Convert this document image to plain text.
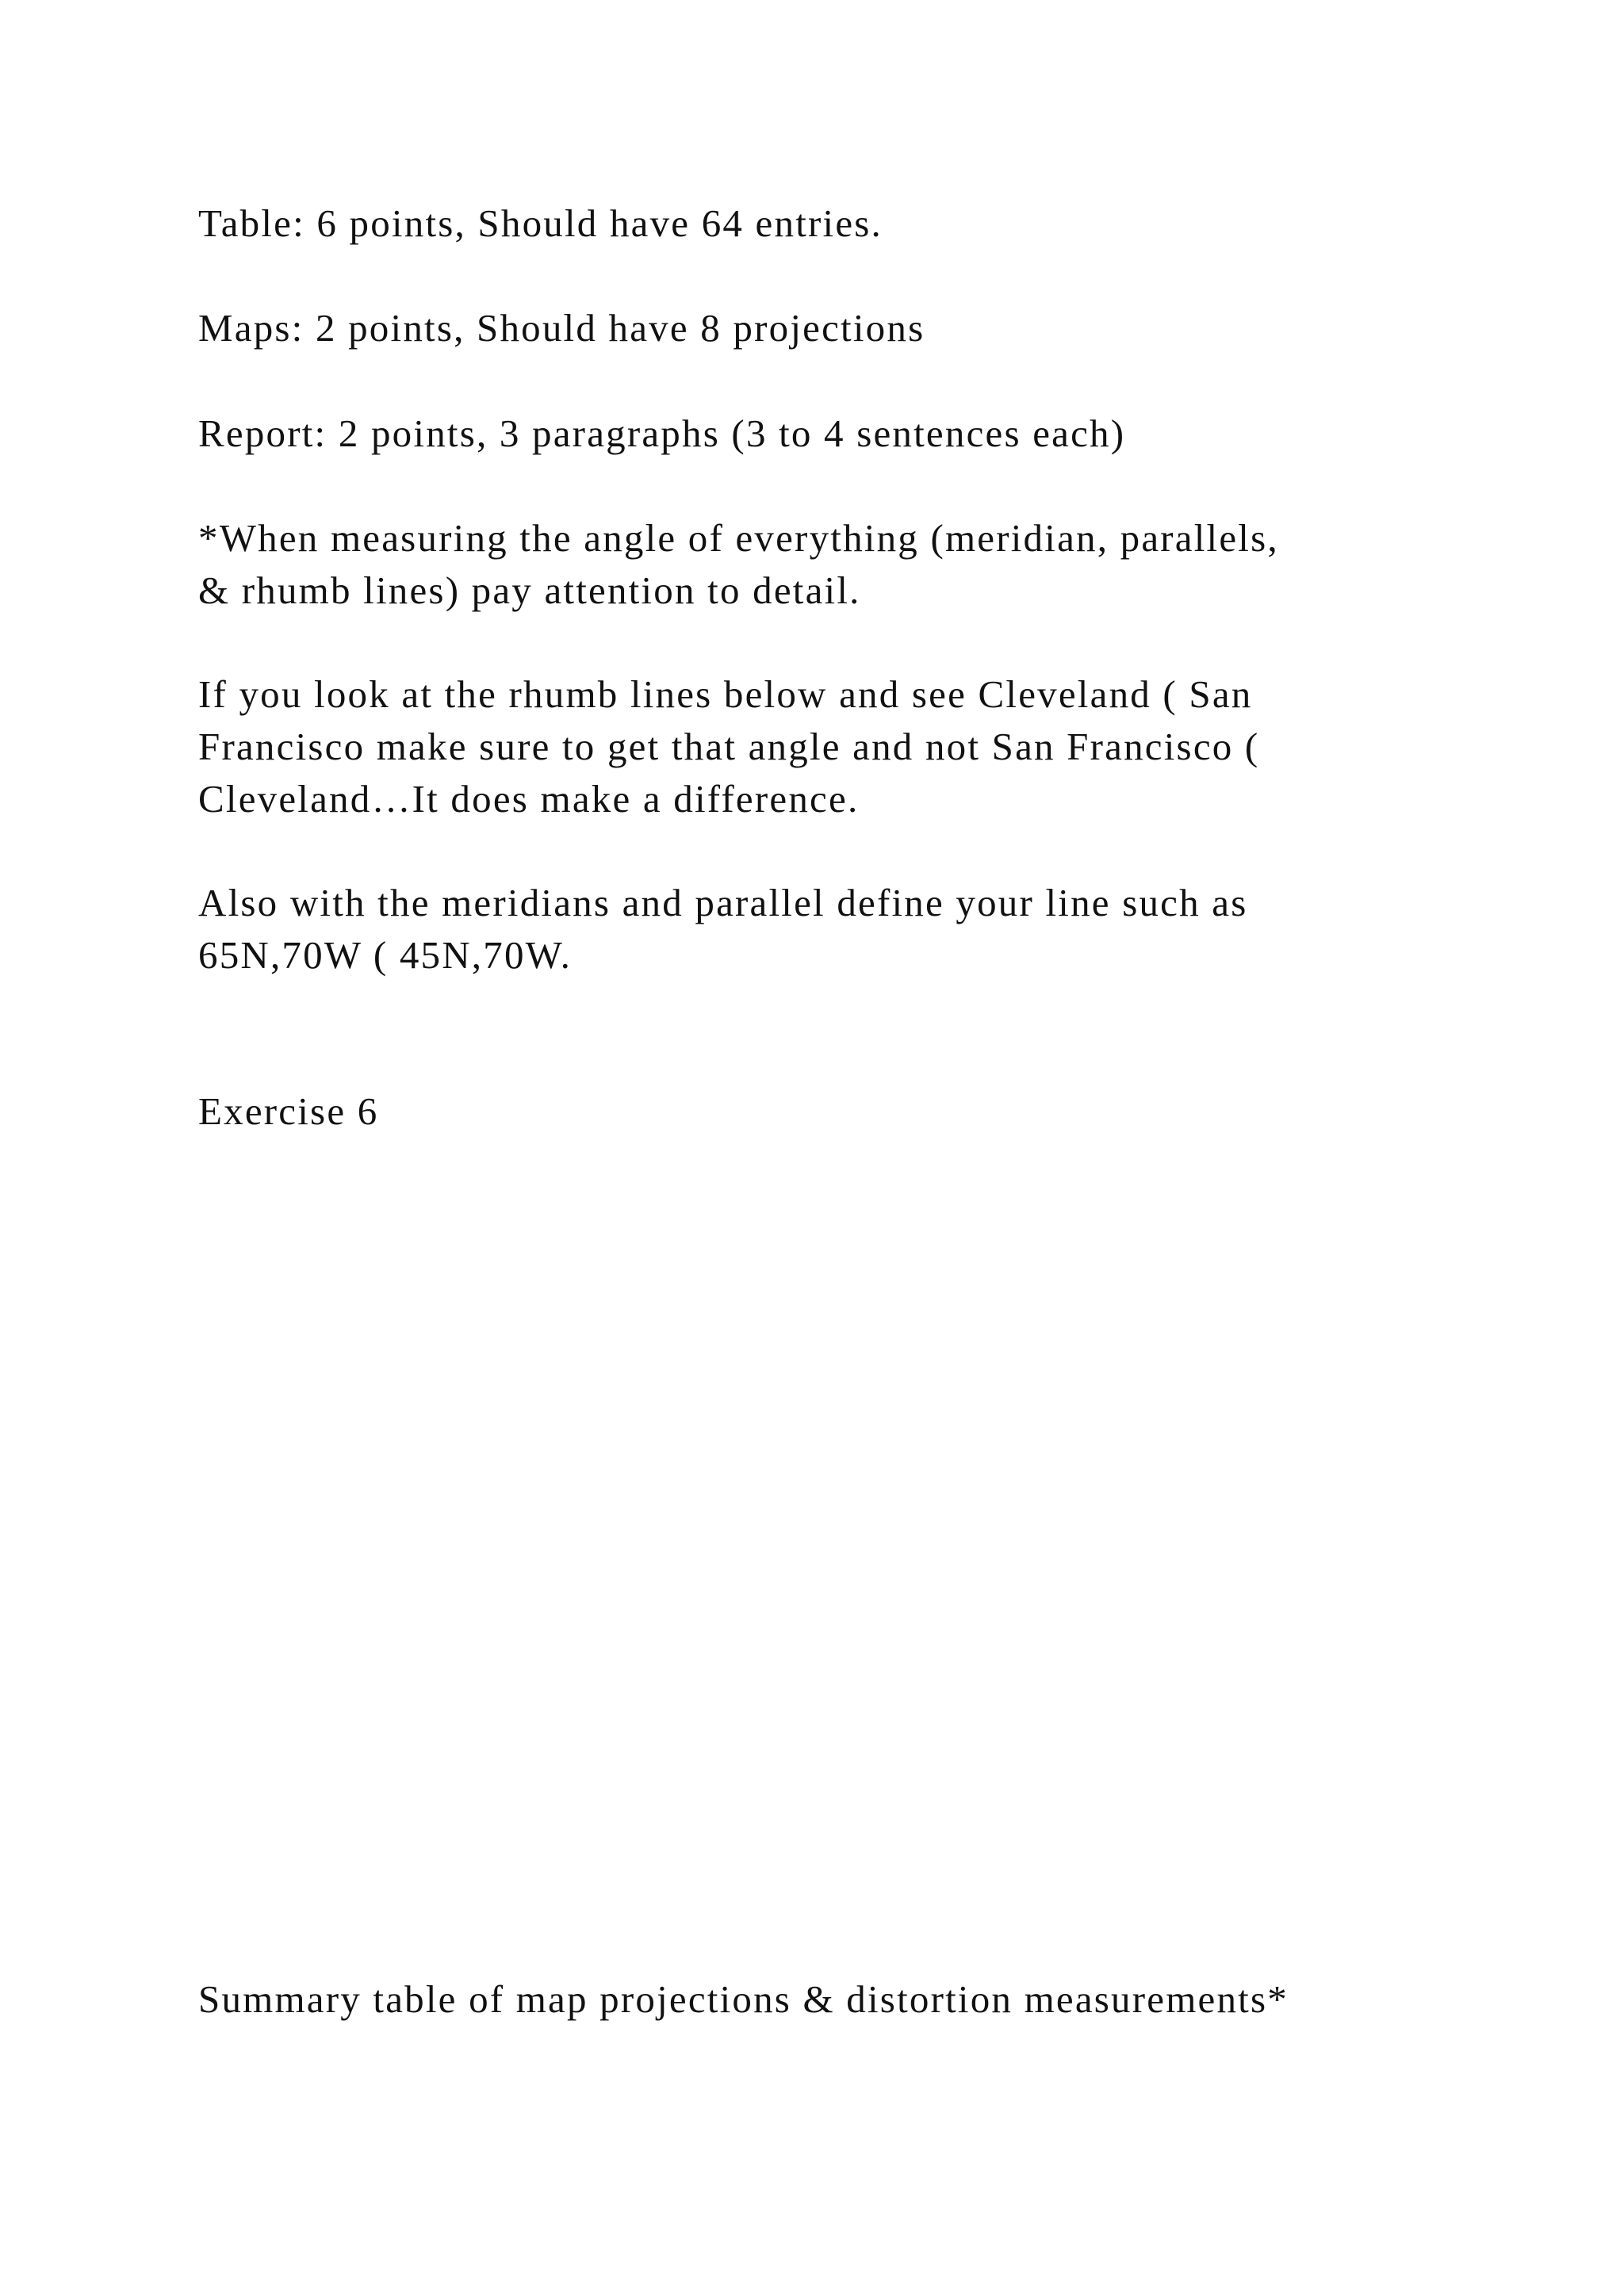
Table: 6 points, Should have 64 entries.
Maps: 2 points, Should have 8 projections
Report: 2 points, 3 paragraphs (3 to 4 sentences each)
*When measuring the angle of everything (meridian, parallels,
& rhumb lines) pay attention to detail.
If you look at the rhumb lines below and see Cleveland ( San
Francisco make sure to get that angle and not San Francisco (
Cleveland…It does make a difference.
Also with the meridians and parallel define your line such as
65N,70W ( 45N,70W.
Exercise 6
Summary table of map projections & distortion measurements*
